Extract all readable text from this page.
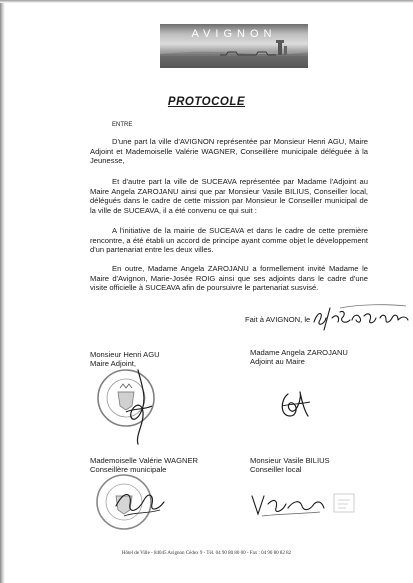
AVIGNON
PROTOCOLE
ENTRE
D'une part la ville d'AVIGNON représentée par Monsieur Henri AGU, Maire Adjoint et Mademoiselle Valérie WAGNER, Conseillère municipale déléguée à la Jeunesse,
Et d'autre part la ville de SUCEAVA représentée par Madame l'Adjoint au Maire Angela ZAROJANU ainsi que par Monsieur Vasile BILIUS, Conseiller local, délégués dans le cadre de cette mission par Monsieur le Conseiller municipal de la ville de SUCEAVA, il a été convenu ce qui suit :
A l'initiative de la mairie de SUCEAVA et dans le cadre de cette première rencontre, a été établi un accord de principe ayant comme objet le développement d'un partenariat entre les deux villes.
En outre, Madame Angela ZAROJANU a formellement invité Madame le Maire d'Avignon, Marie-Josée ROIG ainsi que ses adjoints dans le cadre d'une visite officielle à SUCEAVA afin de poursuivre le partenariat susvisé.
Fait à AVIGNON, le
Monsieur Henri AGU
Maire Adjoint,
Madame Angela ZAROJANU
Adjoint au Maire
Mademoiselle Valérie WAGNER
Conseillère municipale
Monsieur Vasile BILIUS
Conseiller local
Hôtel de Ville - 84045 Avignon Cédex 9 - Tél. 04 90 80 80 00 - Fax : 04 90 80 82 82
